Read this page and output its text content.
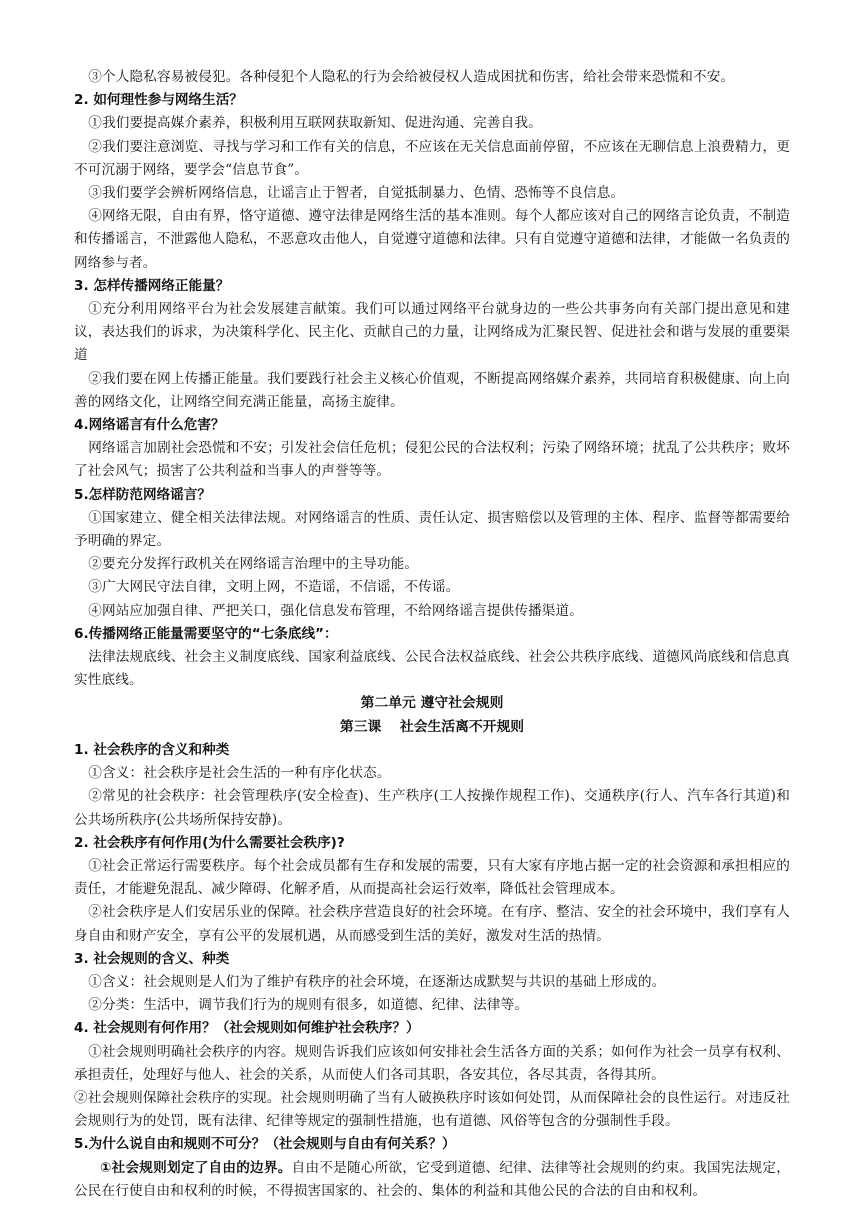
③个人隐私容易被侵犯。各种侵犯个人隐私的行为会给被侵权人造成困扰和伤害，给社会带来恐慌和不安。

2. 如何理性参与网络生活？

①我们要提高媒介素养，积极利用互联网获取新知、促进沟通、完善自我。

②我们要注意浏览、寻找与学习和工作有关的信息，不应该在无关信息面前停留，不应该在无聊信息上浪费精力，更不可沉溺于网络，要学会“信息节食”。

③我们要学会辨析网络信息，让谣言止于智者，自觉抵制暴力、色情、恐怖等不良信息。

④网络无限，自由有界，恪守道德、遵守法律是网络生活的基本准则。每个人都应该对自己的网络言论负责，不制造和传播谣言，不泄露他人隐私，不恶意攻击他人，自觉遵守道德和法律。只有自觉遵守道德和法律，才能做一名负责的网络参与者。

3. 怎样传播网络正能量？

①充分利用网络平台为社会发展建言献策。我们可以通过网络平台就身边的一些公共事务向有关部门提出意见和建议，表达我们的诉求，为决策科学化、民主化、贡献自己的力量，让网络成为汇聚民智、促进社会和谐与发展的重要渠道

②我们要在网上传播正能量。我们要践行社会主义核心价值观，不断提高网络媒介素养，共同培育积极健康、向上向善的网络文化，让网络空间充满正能量，高扬主旋律。

4.网络谣言有什么危害？

网络谣言加剧社会恐慌和不安；引发社会信任危机；侵犯公民的合法权利；污染了网络环境；扰乱了公共秩序；败坏了社会风气；损害了公共利益和当事人的声誉等等。

5.怎样防范网络谣言？

①国家建立、健全相关法律法规。对网络谣言的性质、责任认定、损害赔偿以及管理的主体、程序、监督等都需要给予明确的界定。

②要充分发挥行政机关在网络谣言治理中的主导功能。

③广大网民守法自律，文明上网，不造谣，不信谣，不传谣。

④网站应加强自律、严把关口，强化信息发布管理，不给网络谣言提供传播渠道。

6.传播网络正能量需要坚守的“七条底线”：

法律法规底线、社会主义制度底线、国家利益底线、公民合法权益底线、社会公共秩序底线、道德风尚底线和信息真实性底线。

第二单元 遵守社会规则

第三课　 社会生活离不开规则

1. 社会秩序的含义和种类

①含义：社会秩序是社会生活的一种有序化状态。

②常见的社会秩序：社会管理秩序(安全检查)、生产秩序(工人按操作规程工作)、交通秩序(行人、汽车各行其道)和公共场所秩序(公共场所保持安静)。

2. 社会秩序有何作用(为什么需要社会秩序)?

①社会正常运行需要秩序。每个社会成员都有生存和发展的需要，只有大家有序地占据一定的社会资源和承担相应的责任，才能避免混乱、减少障碍、化解矛盾，从而提高社会运行效率，降低社会管理成本。

②社会秩序是人们安居乐业的保障。社会秩序营造良好的社会环境。在有序、整洁、安全的社会环境中，我们享有人身自由和财产安全，享有公平的发展机遇，从而感受到生活的美好，激发对生活的热情。

3. 社会规则的含义、种类

①含义：社会规则是人们为了维护有秩序的社会环境，在逐渐达成默契与共识的基础上形成的。

②分类：生活中，调节我们行为的规则有很多，如道德、纪律、法律等。

4. 社会规则有何作用？（社会规则如何维护社会秩序？）

①社会规则明确社会秩序的内容。规则告诉我们应该如何安排社会生活各方面的关系；如何作为社会一员享有权利、承担责任，处理好与他人、社会的关系，从而使人们各司其职，各安其位，各尽其责，各得其所。

②社会规则保障社会秩序的实现。社会规则明确了当有人破换秩序时该如何处罚，从而保障社会的良性运行。对违反社会规则行为的处罚，既有法律、纪律等规定的强制性措施，也有道德、风俗等包含的分强制性手段。

5.为什么说自由和规则不可分？（社会规则与自由有何关系？）

①社会规则划定了自由的边界。自由不是随心所欲，它受到道德、纪律、法律等社会规则的约束。我国宪法规定，公民在行使自由和权利的时候，不得损害国家的、社会的、集体的利益和其他公民的合法的自由和权利。
